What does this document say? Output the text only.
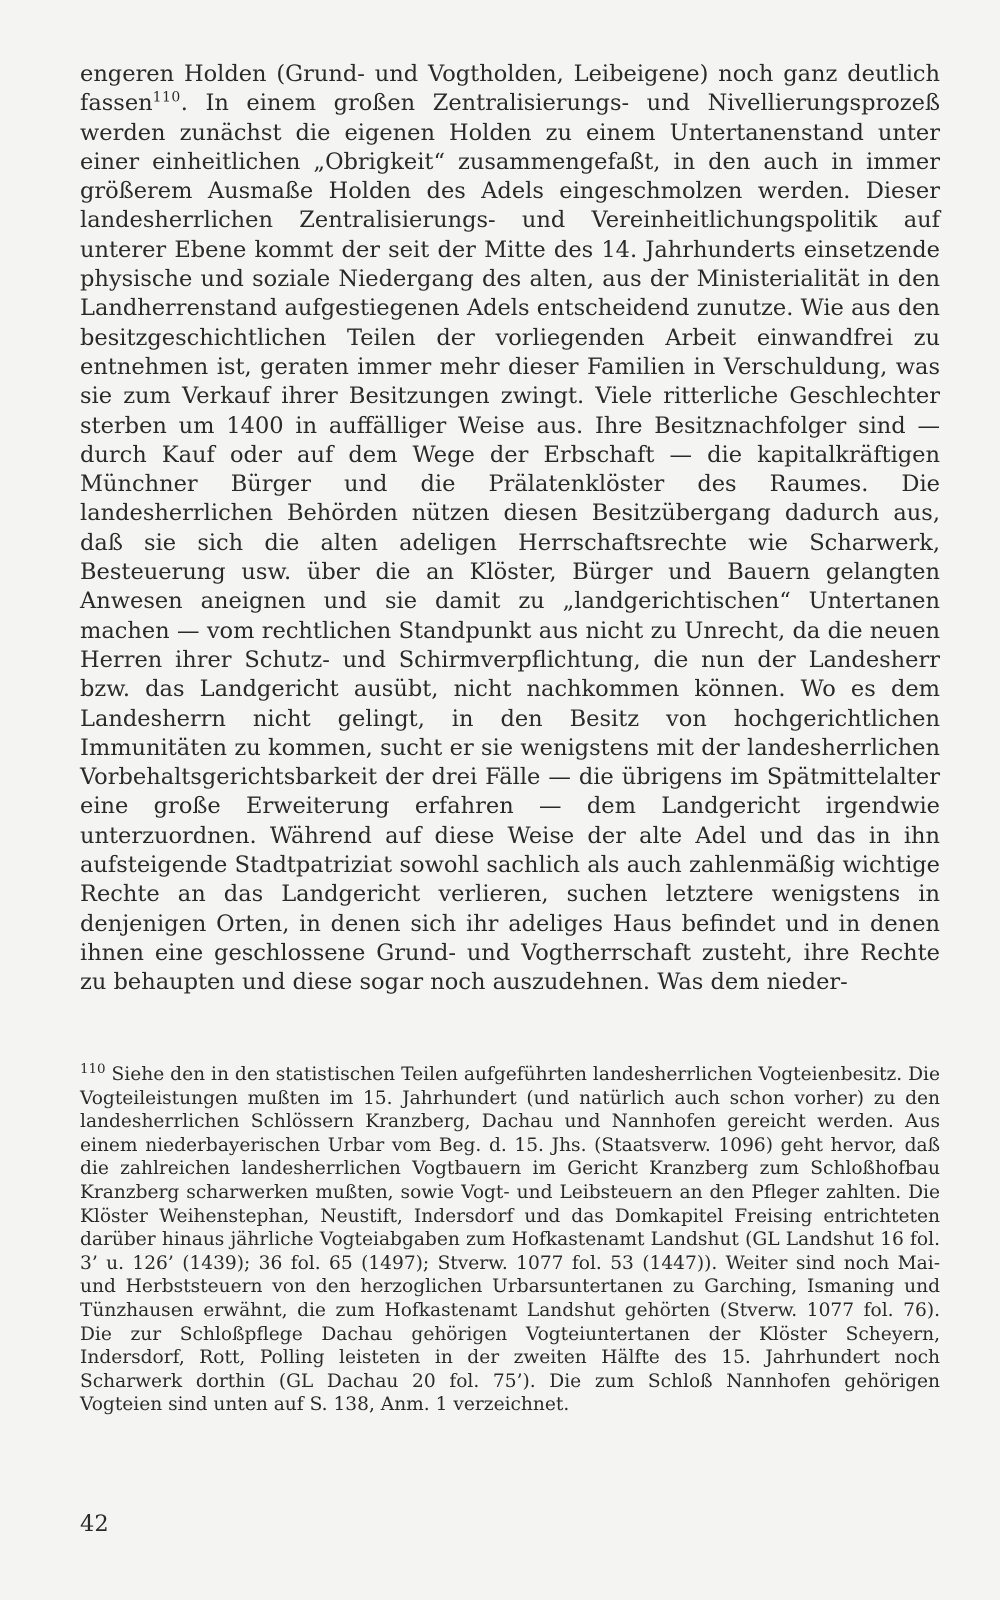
engeren Holden (Grund- und Vogtholden, Leibeigene) noch ganz deutlich fassen$^{110}$. In einem großen Zentralisierungs- und Nivellierungsprozeß werden zunächst die eigenen Holden zu einem Untertanenstand unter einer einheitlichen „Obrigkeit“ zusammengefaßt, in den auch in immer größerem Ausmaße Holden des Adels eingeschmolzen werden. Dieser landesherrlichen Zentralisierungs- und Vereinheitlichungspolitik auf unterer Ebene kommt der seit der Mitte des 14. Jahrhunderts einsetzende physische und soziale Niedergang des alten, aus der Ministerialität in den Landherrenstand aufgestiegenen Adels entscheidend zunutze. Wie aus den besitzgeschichtlichen Teilen der vorliegenden Arbeit einwandfrei zu entnehmen ist, geraten immer mehr dieser Familien in Verschuldung, was sie zum Verkauf ihrer Besitzungen zwingt. Viele ritterliche Geschlechter sterben um 1400 in auffälliger Weise aus. Ihre Besitznachfolger sind — durch Kauf oder auf dem Wege der Erbschaft — die kapitalkräftigen Münchner Bürger und die Prälatenklöster des Raumes. Die landesherrlichen Behörden nützen diesen Besitzübergang dadurch aus, daß sie sich die alten adeligen Herrschaftsrechte wie Scharwerk, Besteuerung usw. über die an Klöster, Bürger und Bauern gelangten Anwesen aneignen und sie damit zu „landgerichtischen“ Untertanen machen — vom rechtlichen Standpunkt aus nicht zu Unrecht, da die neuen Herren ihrer Schutz- und Schirmverpflichtung, die nun der Landesherr bzw. das Landgericht ausübt, nicht nachkommen können. Wo es dem Landesherrn nicht gelingt, in den Besitz von hochgerichtlichen Immunitäten zu kommen, sucht er sie wenigstens mit der landesherrlichen Vorbehaltsgerichtsbarkeit der drei Fälle — die übrigens im Spätmittelalter eine große Erweiterung erfahren — dem Landgericht irgendwie unterzuordnen. Während auf diese Weise der alte Adel und das in ihn aufsteigende Stadtpatriziat sowohl sachlich als auch zahlenmäßig wichtige Rechte an das Landgericht verlieren, suchen letztere wenigstens in denjenigen Orten, in denen sich ihr adeliges Haus befindet und in denen ihnen eine geschlossene Grund- und Vogtherrschaft zusteht, ihre Rechte zu behaupten und diese sogar noch auszudehnen. Was dem nieder-

$^{110}$ Siehe den in den statistischen Teilen aufgeführten landesherrlichen Vogteienbesitz. Die Vogteileistungen mußten im 15. Jahrhundert (und natürlich auch schon vorher) zu den landesherrlichen Schlössern Kranzberg, Dachau und Nannhofen gereicht werden. Aus einem niederbayerischen Urbar vom Beg. d. 15. Jhs. (Staatsverw. 1096) geht hervor, daß die zahlreichen landesherrlichen Vogtbauern im Gericht Kranzberg zum Schloßhofbau Kranzberg scharwerken mußten, sowie Vogt- und Leibsteuern an den Pfleger zahlten. Die Klöster Weihenstephan, Neustift, Indersdorf und das Domkapitel Freising entrichteten darüber hinaus jährliche Vogteiabgaben zum Hofkastenamt Landshut (GL Landshut 16 fol. 3’ u. 126’ (1439); 36 fol. 65 (1497); Stverw. 1077 fol. 53 (1447)). Weiter sind noch Mai- und Herbststeuern von den herzoglichen Urbarsuntertanen zu Garching, Ismaning und Tünzhausen erwähnt, die zum Hofkastenamt Landshut gehörten (Stverw. 1077 fol. 76). Die zur Schloßpflege Dachau gehörigen Vogteiuntertanen der Klöster Scheyern, Indersdorf, Rott, Polling leisteten in der zweiten Hälfte des 15. Jahrhundert noch Scharwerk dorthin (GL Dachau 20 fol. 75’). Die zum Schloß Nannhofen gehörigen Vogteien sind unten auf S. 138, Anm. 1 verzeichnet.

42
